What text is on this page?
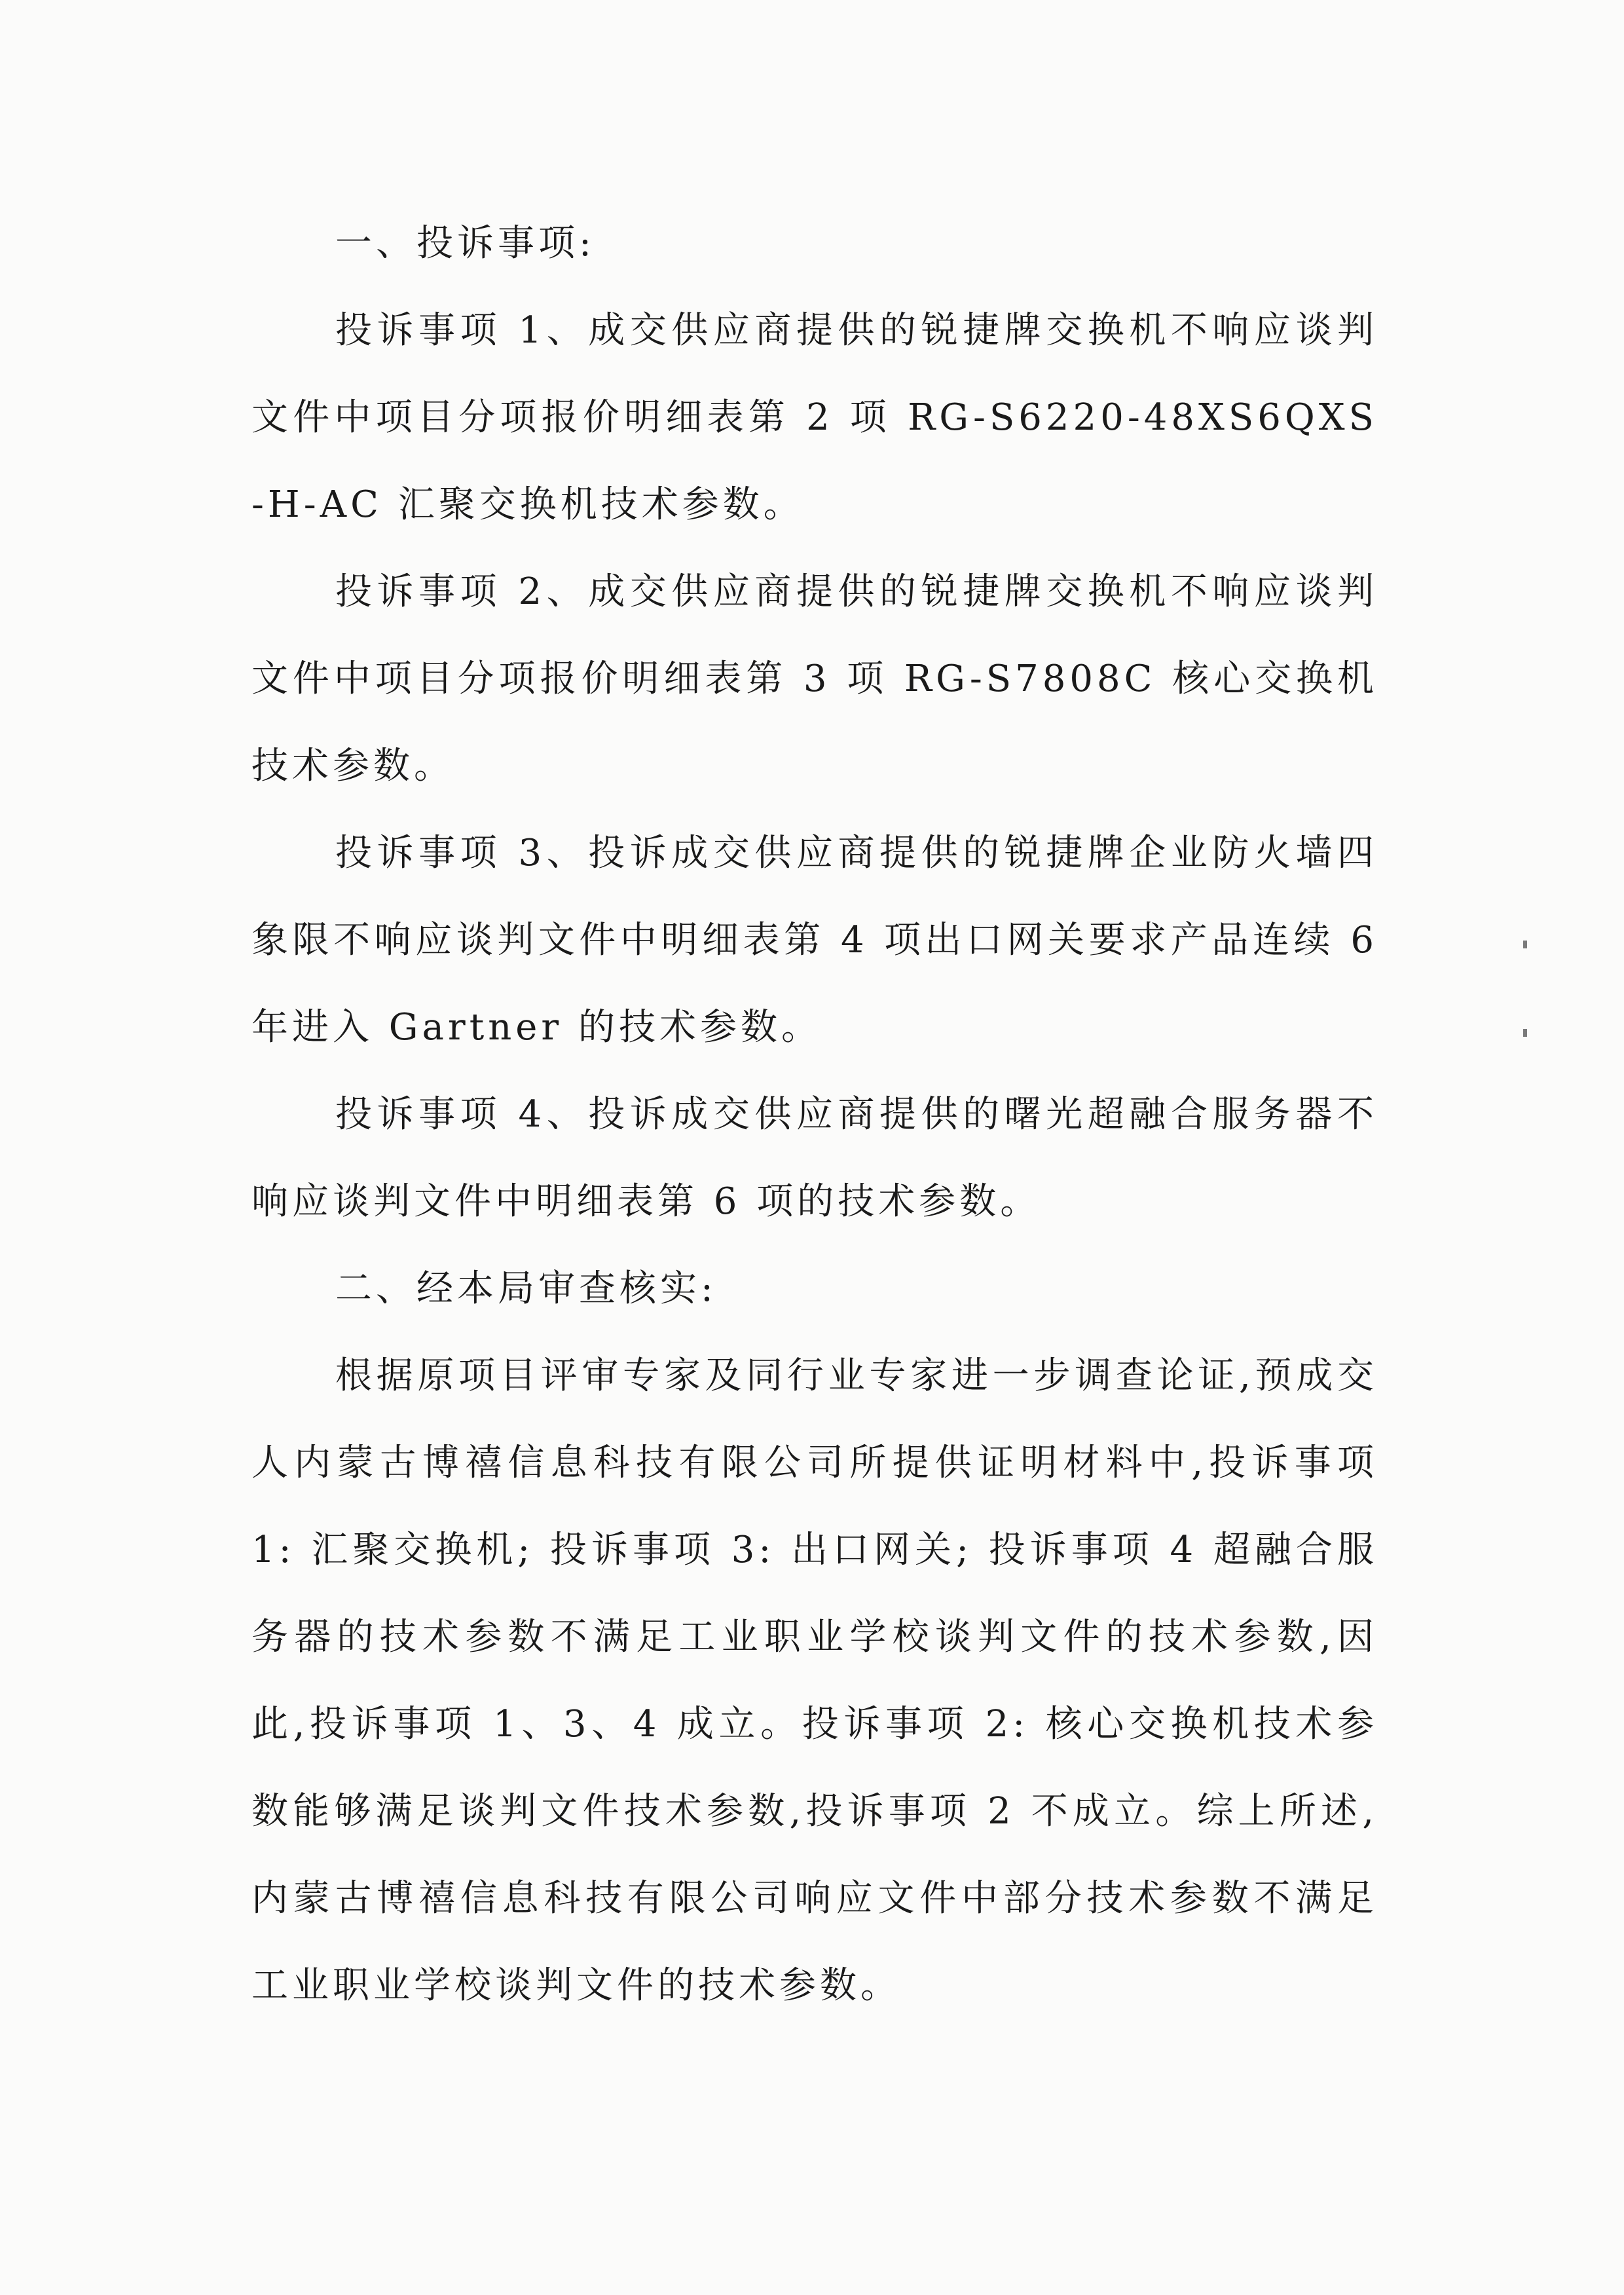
一、投诉事项:

投诉事项 1、成交供应商提供的锐捷牌交换机不响应谈判文件中项目分项报价明细表第 2 项 RG-S6220-48XS6QXS-H-AC 汇聚交换机技术参数。

投诉事项 2、成交供应商提供的锐捷牌交换机不响应谈判文件中项目分项报价明细表第 3 项 RG-S7808C 核心交换机技术参数。

投诉事项 3、投诉成交供应商提供的锐捷牌企业防火墙四象限不响应谈判文件中明细表第 4 项出口网关要求产品连续 6 年进入 Gartner 的技术参数。

投诉事项 4、投诉成交供应商提供的曙光超融合服务器不响应谈判文件中明细表第 6 项的技术参数。

二、经本局审查核实:

根据原项目评审专家及同行业专家进一步调查论证,预成交人内蒙古博禧信息科技有限公司所提供证明材料中,投诉事项 1: 汇聚交换机; 投诉事项 3: 出口网关; 投诉事项 4 超融合服务器的技术参数不满足工业职业学校谈判文件的技术参数,因此,投诉事项 1、3、4 成立。投诉事项 2: 核心交换机技术参数能够满足谈判文件技术参数,投诉事项 2 不成立。综上所述,内蒙古博禧信息科技有限公司响应文件中部分技术参数不满足工业职业学校谈判文件的技术参数。
